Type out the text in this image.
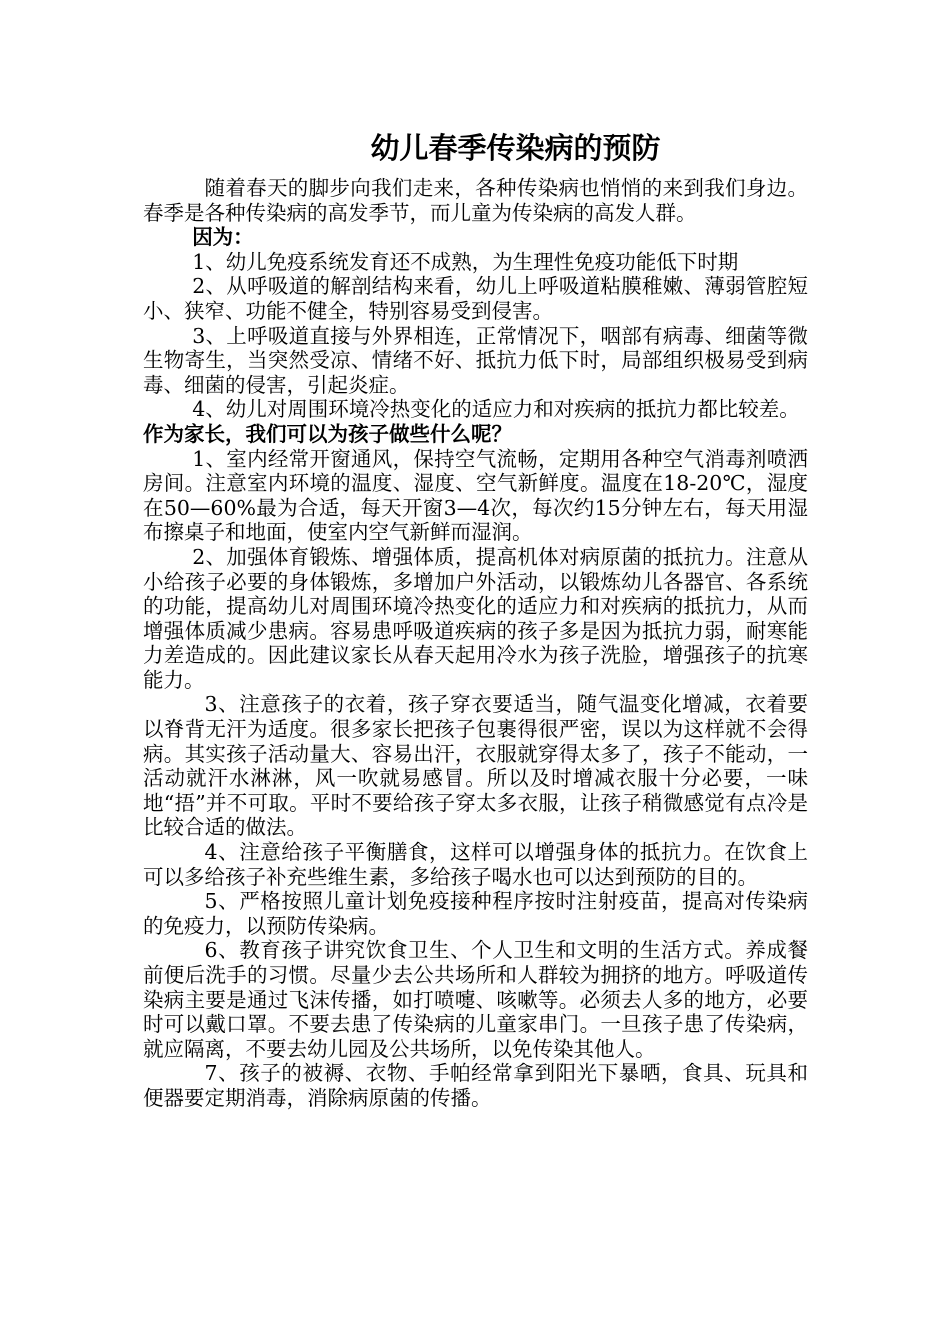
幼儿春季传染病的预防

随着春天的脚步向我们走来，各种传染病也悄悄的来到我们身边。春季是各种传染病的高发季节，而儿童为传染病的高发人群。

因为：

1、幼儿免疫系统发育还不成熟，为生理性免疫功能低下时期

2、从呼吸道的解剖结构来看，幼儿上呼吸道粘膜稚嫩、薄弱管腔短小、狭窄、功能不健全，特别容易受到侵害。

3、上呼吸道直接与外界相连，正常情况下，咽部有病毒、细菌等微生物寄生，当突然受凉、情绪不好、抵抗力低下时，局部组织极易受到病毒、细菌的侵害，引起炎症。

4、幼儿对周围环境冷热变化的适应力和对疾病的抵抗力都比较差。

作为家长，我们可以为孩子做些什么呢？

1、室内经常开窗通风，保持空气流畅，定期用各种空气消毒剂喷洒房间。注意室内环境的温度、湿度、空气新鲜度。温度在18-20℃，湿度在50—60%最为合适，每天开窗3—4次，每次约15分钟左右，每天用湿布擦桌子和地面，使室内空气新鲜而湿润。

2、加强体育锻炼、增强体质，提高机体对病原菌的抵抗力。注意从小给孩子必要的身体锻炼，多增加户外活动，以锻炼幼儿各器官、各系统的功能，提高幼儿对周围环境冷热变化的适应力和对疾病的抵抗力，从而增强体质减少患病。容易患呼吸道疾病的孩子多是因为抵抗力弱，耐寒能力差造成的。因此建议家长从春天起用冷水为孩子洗脸，增强孩子的抗寒能力。

3、注意孩子的衣着，孩子穿衣要适当，随气温变化增减，衣着要以脊背无汗为适度。很多家长把孩子包裹得很严密，误以为这样就不会得病。其实孩子活动量大、容易出汗，衣服就穿得太多了，孩子不能动，一活动就汗水淋淋，风一吹就易感冒。所以及时增减衣服十分必要，一味地“捂”并不可取。平时不要给孩子穿太多衣服，让孩子稍微感觉有点冷是比较合适的做法。

4、注意给孩子平衡膳食，这样可以增强身体的抵抗力。在饮食上可以多给孩子补充些维生素，多给孩子喝水也可以达到预防的目的。

5、严格按照儿童计划免疫接种程序按时注射疫苗，提高对传染病的免疫力，以预防传染病。

6、教育孩子讲究饮食卫生、个人卫生和文明的生活方式。养成餐前便后洗手的习惯。尽量少去公共场所和人群较为拥挤的地方。呼吸道传染病主要是通过飞沫传播，如打喷嚏、咳嗽等。必须去人多的地方，必要时可以戴口罩。不要去患了传染病的儿童家串门。一旦孩子患了传染病，就应隔离，不要去幼儿园及公共场所，以免传染其他人。

7、孩子的被褥、衣物、手帕经常拿到阳光下暴晒，食具、玩具和便器要定期消毒，消除病原菌的传播。
